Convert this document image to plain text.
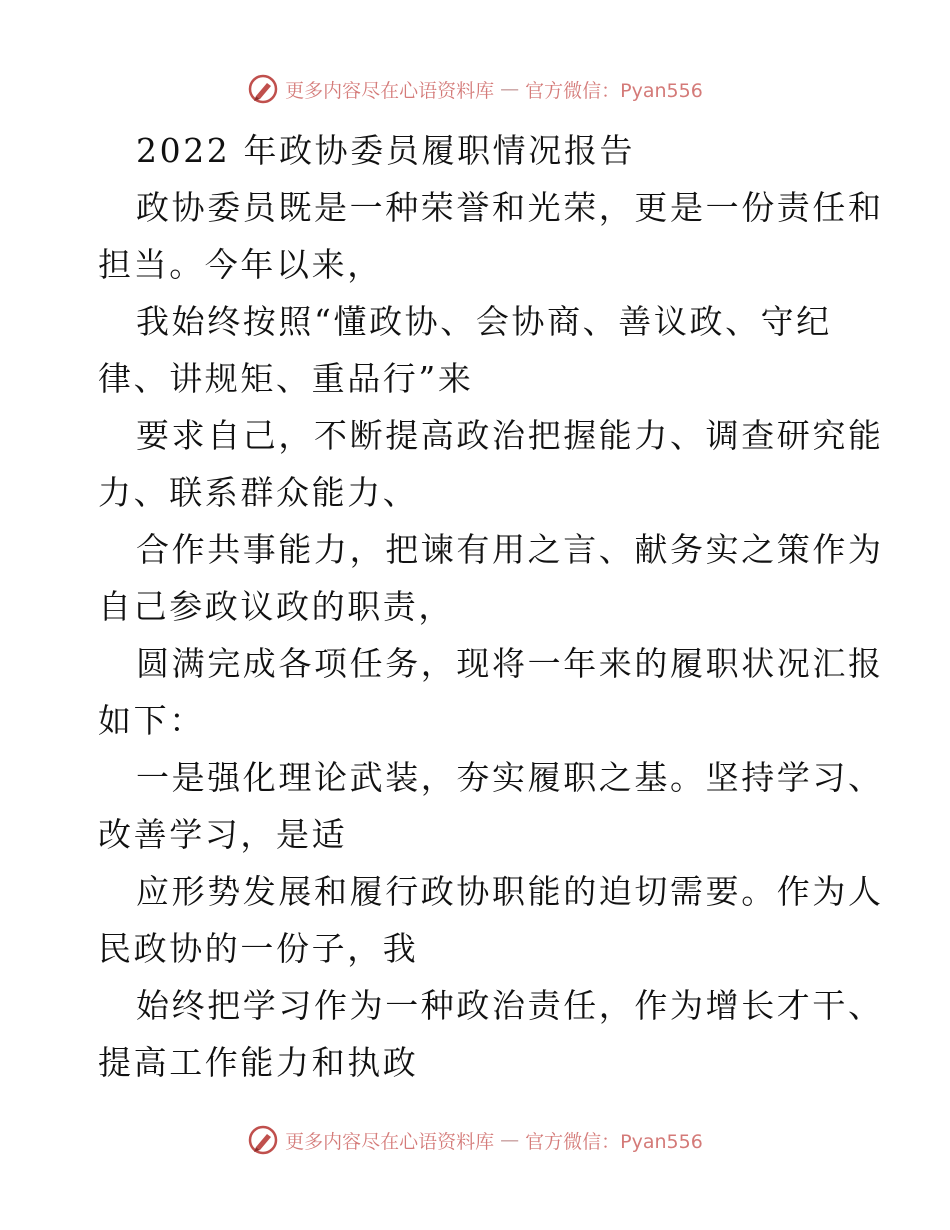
更多内容尽在心语资料库 — 官方微信：Pyan556
2022 年政协委员履职情况报告
政协委员既是一种荣誉和光荣，更是一份责任和
担当。今年以来，
我始终按照“懂政协、会协商、善议政、守纪
律、讲规矩、重品行”来
要求自己，不断提高政治把握能力、调查研究能
力、联系群众能力、
合作共事能力，把谏有用之言、献务实之策作为
自己参政议政的职责，
圆满完成各项任务，现将一年来的履职状况汇报
如下：
一是强化理论武装，夯实履职之基。坚持学习、
改善学习，是适
应形势发展和履行政协职能的迫切需要。作为人
民政协的一份子，我
始终把学习作为一种政治责任，作为增长才干、
提高工作能力和执政
更多内容尽在心语资料库 — 官方微信：Pyan556
